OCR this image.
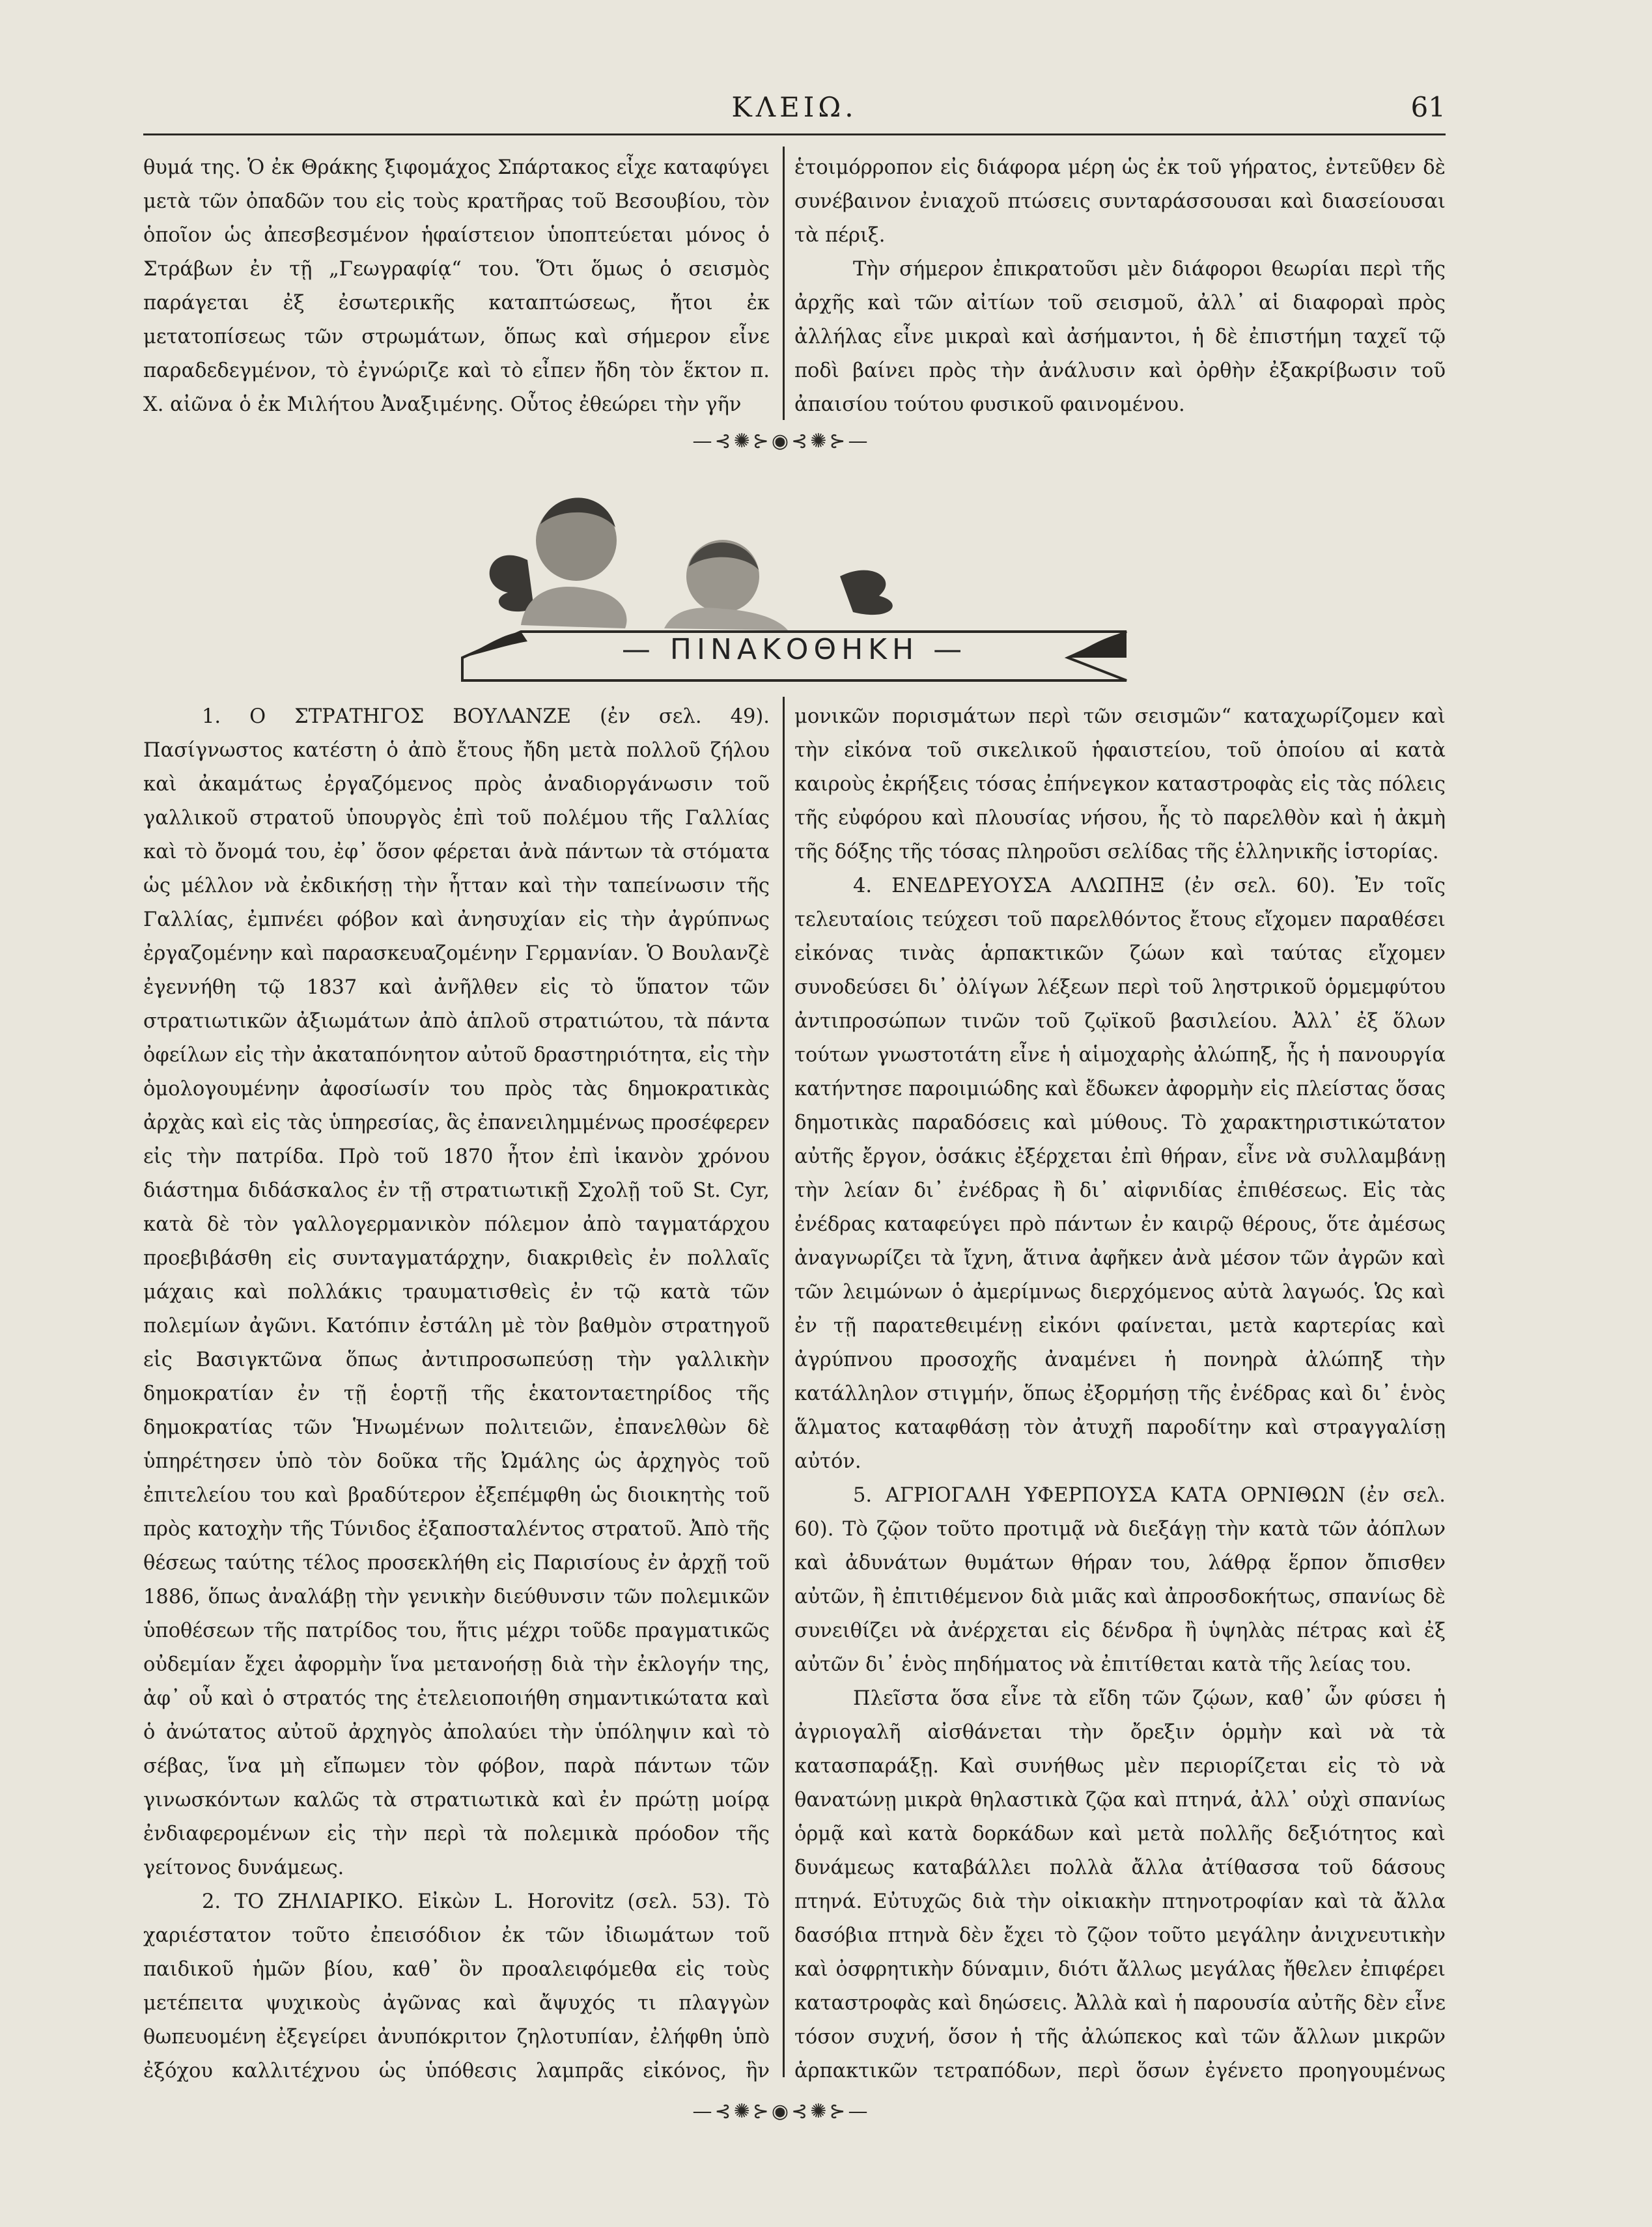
ΚΛΕΙΩ.	61

θυμά της. Ὁ ἐκ Θράκης ξιφομάχος Σπάρτακος εἶχε καταφύγει μετὰ τῶν ὀπαδῶν του εἰς τοὺς κρατῆρας τοῦ Βεσουβίου, τὸν ὁποῖον ὡς ἀπεσβεσμένον ἡφαίστειον ὑποπτεύεται μόνος ὁ Στράβων ἐν τῇ „Γεωγραφίᾳ“ του. Ὅτι ὅμως ὁ σεισμὸς παράγεται ἐξ ἐσωτερικῆς καταπτώσεως, ἤτοι ἐκ μετατοπίσεως τῶν στρωμάτων, ὅπως καὶ σήμερον εἶνε παραδεδεγμένον, τὸ ἐγνώριζε καὶ τὸ εἶπεν ἤδη τὸν ἕκτον π. Χ. αἰῶνα ὁ ἐκ Μιλήτου Ἀναξιμένης. Οὗτος ἐθεώρει τὴν γῆν

ἑτοιμόρροπον εἰς διάφορα μέρη ὡς ἐκ τοῦ γήρατος, ἐντεῦθεν δὲ συνέβαινον ἐνιαχοῦ πτώσεις συνταράσσουσαι καὶ διασείουσαι τὰ πέριξ.

Τὴν σήμερον ἐπικρατοῦσι μὲν διάφοροι θεωρίαι περὶ τῆς ἀρχῆς καὶ τῶν αἰτίων τοῦ σεισμοῦ, ἀλλ᾽ αἱ διαφοραὶ πρὸς ἀλλήλας εἶνε μικραὶ καὶ ἀσήμαντοι, ἡ δὲ ἐπιστήμη ταχεῖ τῷ ποδὶ βαίνει πρὸς τὴν ἀνάλυσιν καὶ ὀρθὴν ἐξακρίβωσιν τοῦ ἀπαισίου τούτου φυσικοῦ φαινομένου.

—⊰✺⊱◉⊰✺⊱—
— ΠΙΝΑΚΟΘΗΚΗ —

1. Ο ΣΤΡΑΤΗΓΟΣ ΒΟΥΛΑΝΖΕ (ἐν σελ. 49). Πασίγνωστος κατέστη ὁ ἀπὸ ἔτους ἤδη μετὰ πολλοῦ ζήλου καὶ ἀκαμάτως ἐργαζόμενος πρὸς ἀναδιοργάνωσιν τοῦ γαλλικοῦ στρατοῦ ὑπουργὸς ἐπὶ τοῦ πολέμου τῆς Γαλλίας καὶ τὸ ὄνομά του, ἐφ᾽ ὅσον φέρεται ἀνὰ πάντων τὰ στόματα ὡς μέλλον νὰ ἐκδικήσῃ τὴν ἧτταν καὶ τὴν ταπείνωσιν τῆς Γαλλίας, ἐμπνέει φόβον καὶ ἀνησυχίαν εἰς τὴν ἀγρύπνως ἐργαζομένην καὶ παρασκευαζομένην Γερμανίαν. Ὁ Βουλανζὲ ἐγεννήθη τῷ 1837 καὶ ἀνῆλθεν εἰς τὸ ὕπατον τῶν στρατιωτικῶν ἀξιωμάτων ἀπὸ ἁπλοῦ στρατιώτου, τὰ πάντα ὀφείλων εἰς τὴν ἀκαταπόνητον αὐτοῦ δραστηριότητα, εἰς τὴν ὁμολογουμένην ἀφοσίωσίν του πρὸς τὰς δημοκρατικὰς ἀρχὰς καὶ εἰς τὰς ὑπηρεσίας, ἃς ἐπανειλημμένως προσέφερεν εἰς τὴν πατρίδα. Πρὸ τοῦ 1870 ἦτον ἐπὶ ἱκανὸν χρόνου διάστημα διδάσκαλος ἐν τῇ στρατιωτικῇ Σχολῇ τοῦ St. Cyr, κατὰ δὲ τὸν γαλλογερμανικὸν πόλεμον ἀπὸ ταγματάρχου προεβιβάσθη εἰς συνταγματάρχην, διακριθεὶς ἐν πολλαῖς μάχαις καὶ πολλάκις τραυματισθεὶς ἐν τῷ κατὰ τῶν πολεμίων ἀγῶνι. Κατόπιν ἐστάλη μὲ τὸν βαθμὸν στρατηγοῦ εἰς Βασιγκτῶνα ὅπως ἀντιπροσωπεύσῃ τὴν γαλλικὴν δημοκρατίαν ἐν τῇ ἑορτῇ τῆς ἑκατονταετηρίδος τῆς δημοκρατίας τῶν Ἡνωμένων πολιτειῶν, ἐπανελθὼν δὲ ὑπηρέτησεν ὑπὸ τὸν δοῦκα τῆς Ὠμάλης ὡς ἀρχηγὸς τοῦ ἐπιτελείου του καὶ βραδύτερον ἐξεπέμφθη ὡς διοικητὴς τοῦ πρὸς κατοχὴν τῆς Τύνιδος ἐξαποσταλέντος στρατοῦ. Ἀπὸ τῆς θέσεως ταύτης τέλος προσεκλήθη εἰς Παρισίους ἐν ἀρχῇ τοῦ 1886, ὅπως ἀναλάβῃ τὴν γενικὴν διεύθυνσιν τῶν πολεμικῶν ὑποθέσεων τῆς πατρίδος του, ἥτις μέχρι τοῦδε πραγματικῶς οὐδεμίαν ἔχει ἀφορμὴν ἵνα μετανοήσῃ διὰ τὴν ἐκλογήν της, ἀφ᾽ οὗ καὶ ὁ στρατός της ἐτελειοποιήθη σημαντικώτατα καὶ ὁ ἀνώτατος αὐτοῦ ἀρχηγὸς ἀπολαύει τὴν ὑπόληψιν καὶ τὸ σέβας, ἵνα μὴ εἴπωμεν τὸν φόβον, παρὰ πάντων τῶν γινωσκόντων καλῶς τὰ στρατιωτικὰ καὶ ἐν πρώτῃ μοίρᾳ ἐνδιαφερομένων εἰς τὴν περὶ τὰ πολεμικὰ πρόοδον τῆς γείτονος δυνάμεως.

2. ΤΟ ΖΗΛΙΑΡΙΚΟ. Εἰκὼν L. Horovitz (σελ. 53). Τὸ χαριέστατον τοῦτο ἐπεισόδιον ἐκ τῶν ἰδιωμάτων τοῦ παιδικοῦ ἡμῶν βίου, καθ᾽ ὃν προαλειφόμεθα εἰς τοὺς μετέπειτα ψυχικοὺς ἀγῶνας καὶ ἄψυχός τι πλαγγὼν θωπευομένη ἐξεγείρει ἀνυπόκριτον ζηλοτυπίαν, ἐλήφθη ὑπὸ ἐξόχου καλλιτέχνου ὡς ὑπόθεσις λαμπρᾶς εἰκόνος, ἣν

μονικῶν πορισμάτων περὶ τῶν σεισμῶν“ καταχωρίζομεν καὶ τὴν εἰκόνα τοῦ σικελικοῦ ἡφαιστείου, τοῦ ὁποίου αἱ κατὰ καιροὺς ἐκρήξεις τόσας ἐπήνεγκον καταστροφὰς εἰς τὰς πόλεις τῆς εὐφόρου καὶ πλουσίας νήσου, ἧς τὸ παρελθὸν καὶ ἡ ἀκμὴ τῆς δόξης τῆς τόσας πληροῦσι σελίδας τῆς ἑλληνικῆς ἱστορίας.

4. ΕΝΕΔΡΕΥΟΥΣΑ ΑΛΩΠΗΞ (ἐν σελ. 60). Ἐν τοῖς τελευταίοις τεύχεσι τοῦ παρελθόντος ἔτους εἴχομεν παραθέσει εἰκόνας τινὰς ἁρπακτικῶν ζώων καὶ ταύτας εἴχομεν συνοδεύσει δι᾽ ὀλίγων λέξεων περὶ τοῦ ληστρικοῦ ὁρμεμφύτου ἀντιπροσώπων τινῶν τοῦ ζῳϊκοῦ βασιλείου. Ἀλλ᾽ ἐξ ὅλων τούτων γνωστοτάτη εἶνε ἡ αἱμοχαρὴς ἀλώπηξ, ἧς ἡ πανουργία κατήντησε παροιμιώδης καὶ ἔδωκεν ἀφορμὴν εἰς πλείστας ὅσας δημοτικὰς παραδόσεις καὶ μύθους. Τὸ χαρακτηριστικώτατον αὐτῆς ἔργον, ὁσάκις ἐξέρχεται ἐπὶ θήραν, εἶνε νὰ συλλαμβάνῃ τὴν λείαν δι᾽ ἐνέδρας ἢ δι᾽ αἰφνιδίας ἐπιθέσεως. Εἰς τὰς ἐνέδρας καταφεύγει πρὸ πάντων ἐν καιρῷ θέρους, ὅτε ἀμέσως ἀναγνωρίζει τὰ ἴχνη, ἅτινα ἀφῆκεν ἀνὰ μέσον τῶν ἀγρῶν καὶ τῶν λειμώνων ὁ ἀμερίμνως διερχόμενος αὐτὰ λαγωός. Ὡς καὶ ἐν τῇ παρατεθειμένῃ εἰκόνι φαίνεται, μετὰ καρτερίας καὶ ἀγρύπνου προσοχῆς ἀναμένει ἡ πονηρὰ ἀλώπηξ τὴν κατάλληλον στιγμήν, ὅπως ἐξορμήσῃ τῆς ἐνέδρας καὶ δι᾽ ἑνὸς ἅλματος καταφθάσῃ τὸν ἀτυχῆ παροδίτην καὶ στραγγαλίσῃ αὐτόν.

5. ΑΓΡΙΟΓΑΛΗ ΥΦΕΡΠΟΥΣΑ ΚΑΤΑ ΟΡΝΙΘΩΝ (ἐν σελ. 60). Τὸ ζῷον τοῦτο προτιμᾷ νὰ διεξάγῃ τὴν κατὰ τῶν ἀόπλων καὶ ἀδυνάτων θυμάτων θήραν του, λάθρᾳ ἕρπον ὄπισθεν αὐτῶν, ἢ ἐπιτιθέμενον διὰ μιᾶς καὶ ἀπροσδοκήτως, σπανίως δὲ συνειθίζει νὰ ἀνέρχεται εἰς δένδρα ἢ ὑψηλὰς πέτρας καὶ ἐξ αὐτῶν δι᾽ ἑνὸς πηδήματος νὰ ἐπιτίθεται κατὰ τῆς λείας του.

Πλεῖστα ὅσα εἶνε τὰ εἴδη τῶν ζῴων, καθ᾽ ὧν φύσει ἡ ἀγριογαλῆ αἰσθάνεται τὴν ὄρεξιν ὁρμὴν καὶ νὰ τὰ κατασπαράξῃ. Καὶ συνήθως μὲν περιορίζεται εἰς τὸ νὰ θανατώνῃ μικρὰ θηλαστικὰ ζῷα καὶ πτηνά, ἀλλ᾽ οὐχὶ σπανίως ὁρμᾷ καὶ κατὰ δορκάδων καὶ μετὰ πολλῆς δεξιότητος καὶ δυνάμεως καταβάλλει πολλὰ ἄλλα ἀτίθασσα τοῦ δάσους πτηνά. Εὐτυχῶς διὰ τὴν οἰκιακὴν πτηνοτροφίαν καὶ τὰ ἄλλα δασόβια πτηνὰ δὲν ἔχει τὸ ζῷον τοῦτο μεγάλην ἀνιχνευτικὴν καὶ ὀσφρητικὴν δύναμιν, διότι ἄλλως μεγάλας ἤθελεν ἐπιφέρει καταστροφὰς καὶ δηώσεις. Ἀλλὰ καὶ ἡ παρουσία αὐτῆς δὲν εἶνε τόσον συχνή, ὅσον ἡ τῆς ἀλώπεκος καὶ τῶν ἄλλων μικρῶν ἁρπακτικῶν τετραπόδων, περὶ ὅσων ἐγένετο προηγουμένως

—⊰✺⊱◉⊰✺⊱—
